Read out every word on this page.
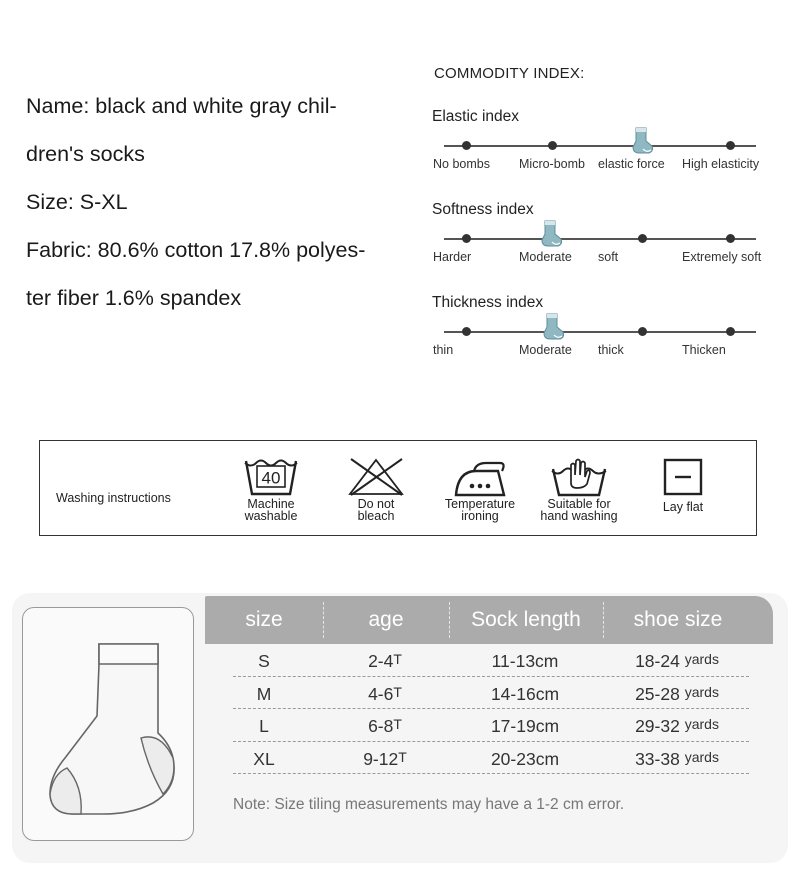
Name: black and white gray chil-
dren's socks
Size: S-XL
Fabric: 80.6% cotton 17.8% polyes-
ter fiber 1.6% spandex
COMMODITY INDEX:
Elastic index
No bombs Micro-bomb elastic force High elasticity
Softness index
Harder	Moderate soft	Extremely soft
Thickness index
thin	Moderate thick	Thicken
Washing instructions
40
Machine
washable
Do not
bleach
Temperature
ironing
Suitable for
hand washing
Lay flat
size	age	Sock length	shoe size
S	2-4T	11-13cm	18-24 yards
M	4-6T	14-16cm	25-28 yards
L	6-8T	17-19cm	29-32 yards
XL	9-12T	20-23cm	33-38 yards
Note: Size tiling measurements may have a 1-2 cm error.
